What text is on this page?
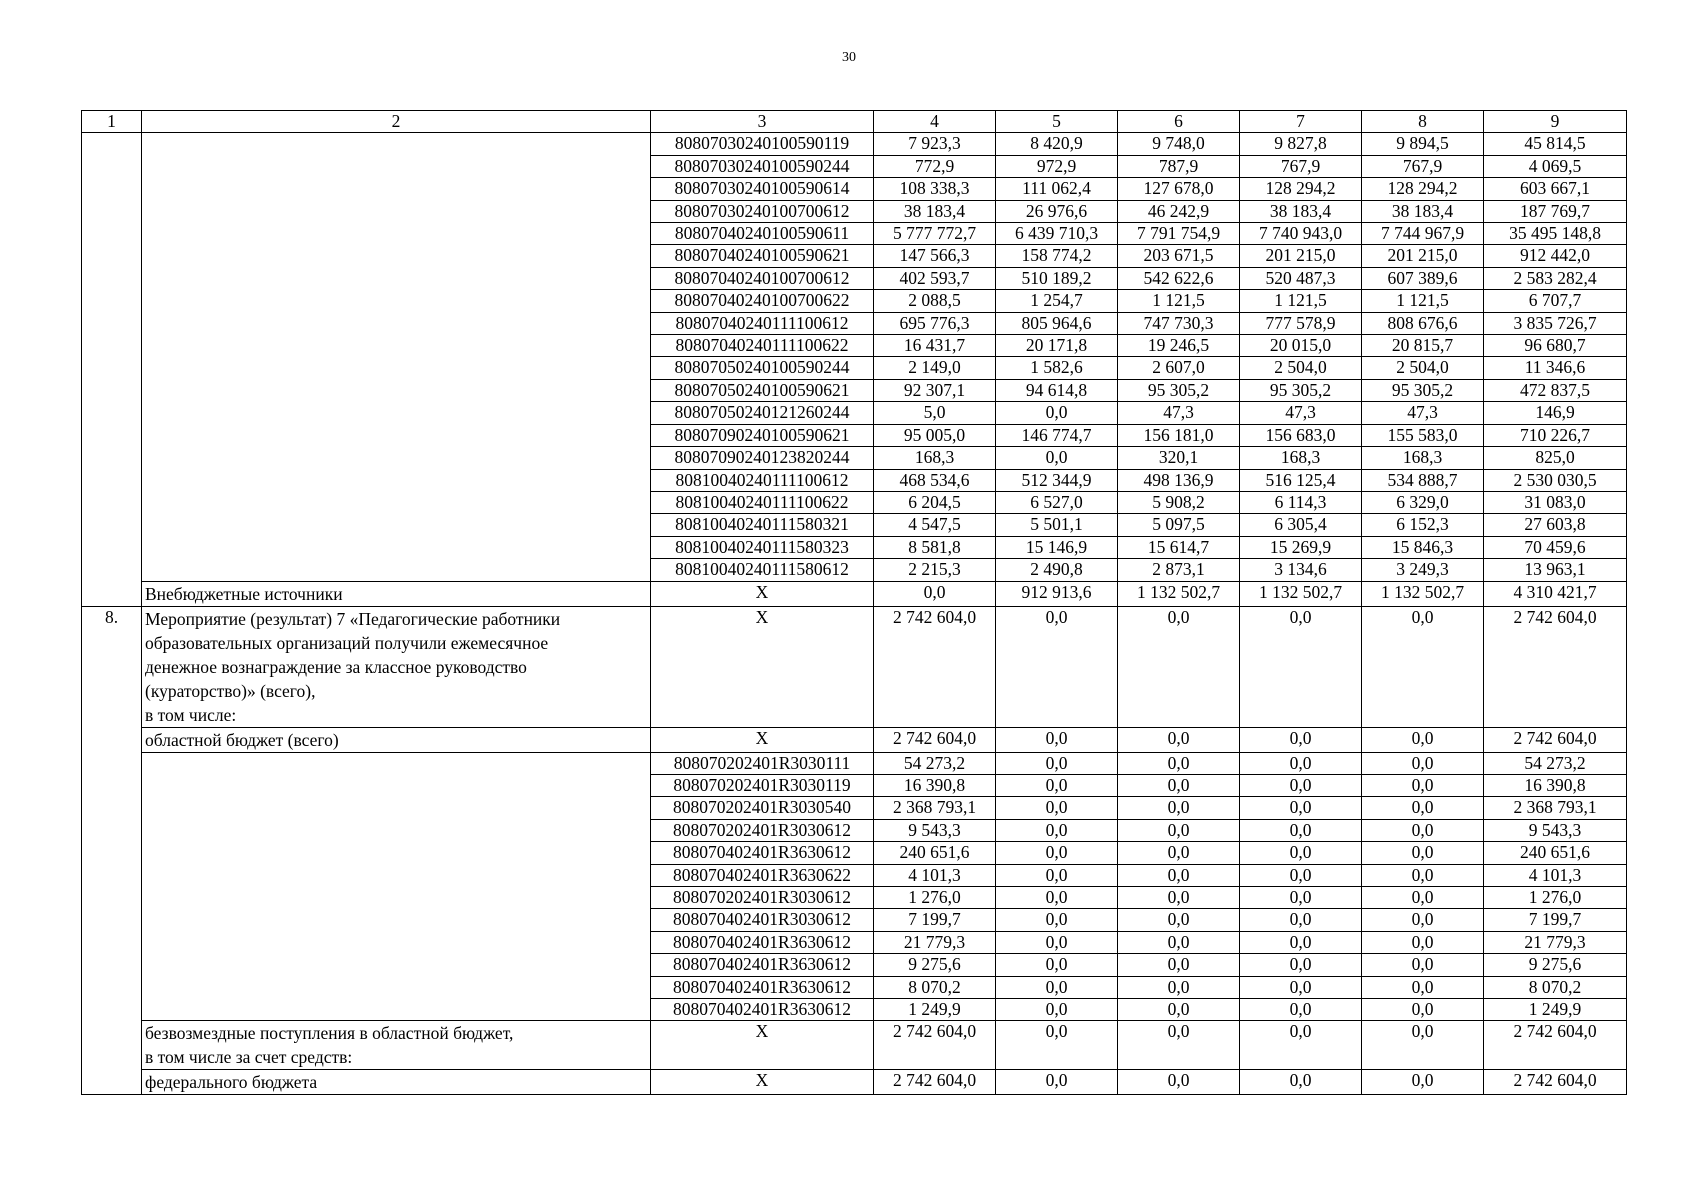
30
1	2	3	4	5	6	7	8	9
		80807030240100590119	7 923,3	8 420,9	9 748,0	9 827,8	9 894,5	45 814,5
		80807030240100590244	772,9	972,9	787,9	767,9	767,9	4 069,5
		80807030240100590614	108 338,3	111 062,4	127 678,0	128 294,2	128 294,2	603 667,1
		80807030240100700612	38 183,4	26 976,6	46 242,9	38 183,4	38 183,4	187 769,7
		80807040240100590611	5 777 772,7	6 439 710,3	7 791 754,9	7 740 943,0	7 744 967,9	35 495 148,8
		80807040240100590621	147 566,3	158 774,2	203 671,5	201 215,0	201 215,0	912 442,0
		80807040240100700612	402 593,7	510 189,2	542 622,6	520 487,3	607 389,6	2 583 282,4
		80807040240100700622	2 088,5	1 254,7	1 121,5	1 121,5	1 121,5	6 707,7
		80807040240111100612	695 776,3	805 964,6	747 730,3	777 578,9	808 676,6	3 835 726,7
		80807040240111100622	16 431,7	20 171,8	19 246,5	20 015,0	20 815,7	96 680,7
		80807050240100590244	2 149,0	1 582,6	2 607,0	2 504,0	2 504,0	11 346,6
		80807050240100590621	92 307,1	94 614,8	95 305,2	95 305,2	95 305,2	472 837,5
		80807050240121260244	5,0	0,0	47,3	47,3	47,3	146,9
		80807090240100590621	95 005,0	146 774,7	156 181,0	156 683,0	155 583,0	710 226,7
		80807090240123820244	168,3	0,0	320,1	168,3	168,3	825,0
		80810040240111100612	468 534,6	512 344,9	498 136,9	516 125,4	534 888,7	2 530 030,5
		80810040240111100622	6 204,5	6 527,0	5 908,2	6 114,3	6 329,0	31 083,0
		80810040240111580321	4 547,5	5 501,1	5 097,5	6 305,4	6 152,3	27 603,8
		80810040240111580323	8 581,8	15 146,9	15 614,7	15 269,9	15 846,3	70 459,6
		80810040240111580612	2 215,3	2 490,8	2 873,1	3 134,6	3 249,3	13 963,1
	Внебюджетные источники	X	0,0	912 913,6	1 132 502,7	1 132 502,7	1 132 502,7	4 310 421,7
8.	Мероприятие (результат) 7 «Педагогические работники
образовательных организаций получили ежемесячное
денежное вознаграждение за классное руководство
(кураторство)» (всего),
в том числе:	X	2 742 604,0	0,0	0,0	0,0	0,0	2 742 604,0
	областной бюджет (всего)	X	2 742 604,0	0,0	0,0	0,0	0,0	2 742 604,0
		808070202401R3030111	54 273,2	0,0	0,0	0,0	0,0	54 273,2
		808070202401R3030119	16 390,8	0,0	0,0	0,0	0,0	16 390,8
		808070202401R3030540	2 368 793,1	0,0	0,0	0,0	0,0	2 368 793,1
		808070202401R3030612	9 543,3	0,0	0,0	0,0	0,0	9 543,3
		808070402401R3630612	240 651,6	0,0	0,0	0,0	0,0	240 651,6
		808070402401R3630622	4 101,3	0,0	0,0	0,0	0,0	4 101,3
		808070202401R3030612	1 276,0	0,0	0,0	0,0	0,0	1 276,0
		808070402401R3030612	7 199,7	0,0	0,0	0,0	0,0	7 199,7
		808070402401R3630612	21 779,3	0,0	0,0	0,0	0,0	21 779,3
		808070402401R3630612	9 275,6	0,0	0,0	0,0	0,0	9 275,6
		808070402401R3630612	8 070,2	0,0	0,0	0,0	0,0	8 070,2
		808070402401R3630612	1 249,9	0,0	0,0	0,0	0,0	1 249,9

	безвозмездные поступления в областной бюджет,
в том числе за счет средств:	X	2 742 604,0	0,0	0,0	0,0	0,0	2 742 604,0
	федерального бюджета	X	2 742 604,0	0,0	0,0	0,0	0,0	2 742 604,0
